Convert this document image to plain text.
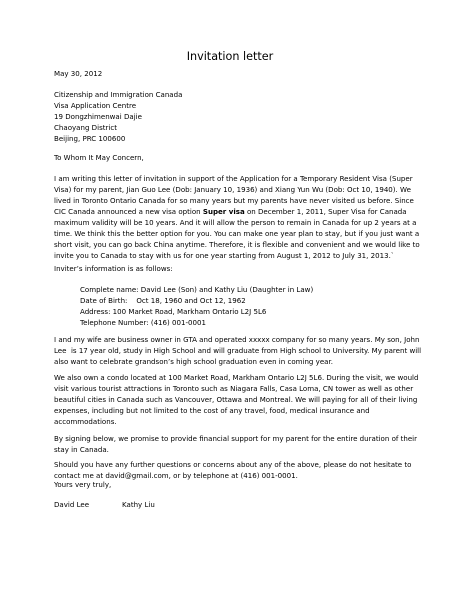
Invitation letter

May 30, 2012

Citizenship and Immigration Canada
Visa Application Centre
19 Dongzhimenwai Dajie
Chaoyang District
Beijing, PRC 100600

To Whom It May Concern,

I am writing this letter of invitation in support of the Application for a Temporary Resident Visa (Super
Visa) for my parent, Jian Guo Lee (Dob: January 10, 1936) and Xiang Yun Wu (Dob: Oct 10, 1940). We
lived in Toronto Ontario Canada for so many years but my parents have never visited us before. Since
CIC Canada announced a new visa option Super visa on December 1, 2011, Super Visa for Canada
maximum validity will be 10 years. And it will allow the person to remain in Canada for up 2 years at a
time. We think this the better option for you. You can make one year plan to stay, but if you just want a
short visit, you can go back China anytime. Therefore, it is flexible and convenient and we would like to
invite you to Canada to stay with us for one year starting from August 1, 2012 to July 31, 2013.`

Inviter’s information is as follows:

Complete name: David Lee (Son) and Kathy Liu (Daughter in Law)
Date of Birth:    Oct 18, 1960 and Oct 12, 1962
Address: 100 Market Road, Markham Ontario L2J 5L6
Telephone Number: (416) 001-0001

I and my wife are business owner in GTA and operated xxxxx company for so many years. My son, John
Lee  is 17 year old, study in High School and will graduate from High school to University. My parent will
also want to celebrate grandson’s high school graduation even in coming year.

We also own a condo located at 100 Market Road, Markham Ontario L2J 5L6. During the visit, we would
visit various tourist attractions in Toronto such as Niagara Falls, Casa Loma, CN tower as well as other
beautiful cities in Canada such as Vancouver, Ottawa and Montreal. We will paying for all of their living
expenses, including but not limited to the cost of any travel, food, medical insurance and
accommodations.

By signing below, we promise to provide financial support for my parent for the entire duration of their
stay in Canada.

Should you have any further questions or concerns about any of the above, please do not hesitate to
contact me at david@gmail.com, or by telephone at (416) 001-0001.

Yours very truly,

David Lee	Kathy Liu
